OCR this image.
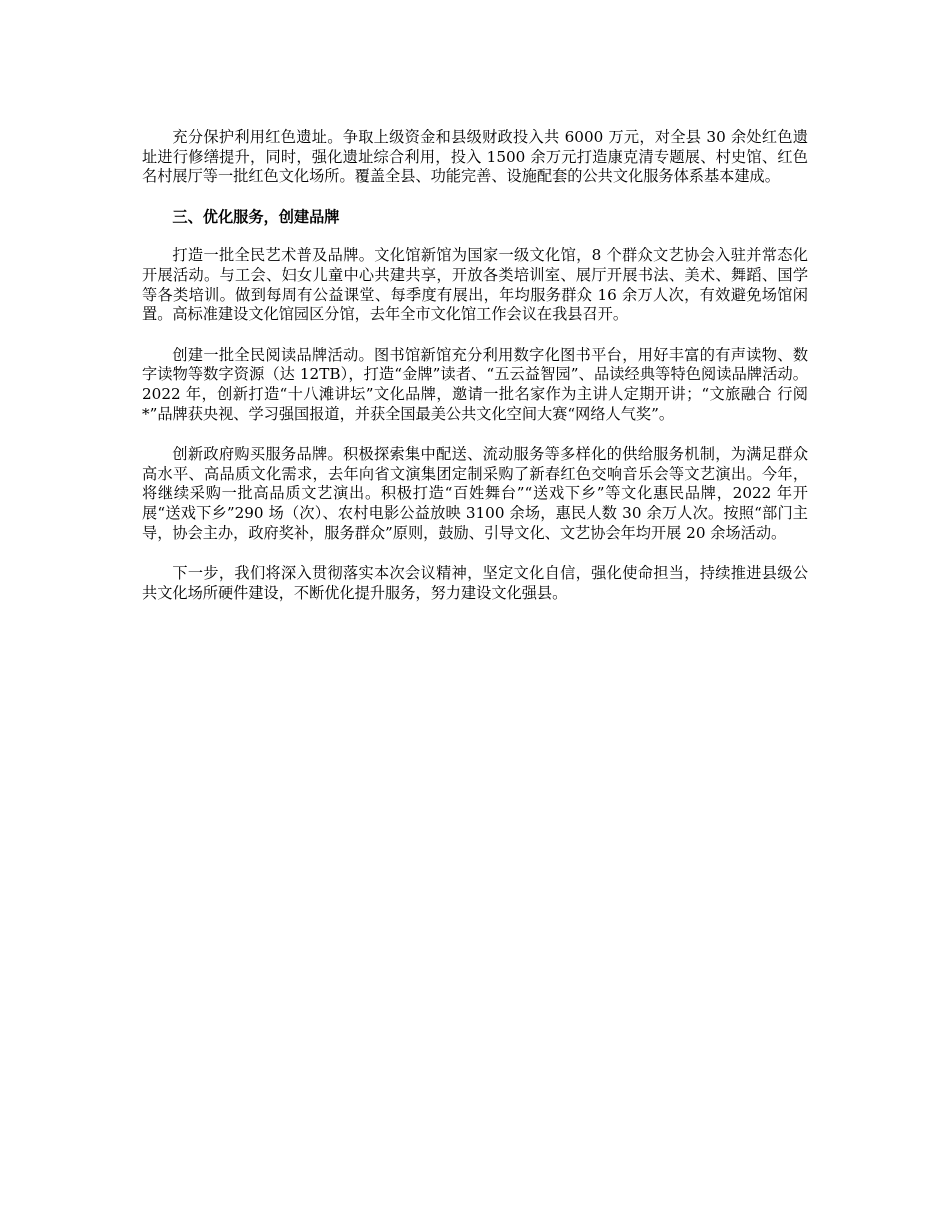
充分保护利用红色遗址。争取上级资金和县级财政投入共 6000 万元，对全县 30 余处红色遗址进行修缮提升，同时，强化遗址综合利用，投入 1500 余万元打造康克清专题展、村史馆、红色名村展厅等一批红色文化场所。覆盖全县、功能完善、设施配套的公共文化服务体系基本建成。

三、优化服务，创建品牌

打造一批全民艺术普及品牌。文化馆新馆为国家一级文化馆，8 个群众文艺协会入驻并常态化开展活动。与工会、妇女儿童中心共建共享，开放各类培训室、展厅开展书法、美术、舞蹈、国学等各类培训。做到每周有公益课堂、每季度有展出，年均服务群众 16 余万人次，有效避免场馆闲置。高标准建设文化馆园区分馆，去年全市文化馆工作会议在我县召开。

创建一批全民阅读品牌活动。图书馆新馆充分利用数字化图书平台，用好丰富的有声读物、数字读物等数字资源（达 12TB），打造“金牌”读者、“五云益智园”、品读经典等特色阅读品牌活动。2022 年，创新打造“十八滩讲坛”文化品牌，邀请一批名家作为主讲人定期开讲；“文旅融合 行阅*”品牌获央视、学习强国报道，并获全国最美公共文化空间大赛“网络人气奖”。

创新政府购买服务品牌。积极探索集中配送、流动服务等多样化的供给服务机制，为满足群众高水平、高品质文化需求，去年向省文演集团定制采购了新春红色交响音乐会等文艺演出。今年，将继续采购一批高品质文艺演出。积极打造“百姓舞台”“送戏下乡”等文化惠民品牌，2022 年开展“送戏下乡”290 场（次）、农村电影公益放映 3100 余场，惠民人数 30 余万人次。按照“部门主导，协会主办，政府奖补，服务群众”原则，鼓励、引导文化、文艺协会年均开展 20 余场活动。

下一步，我们将深入贯彻落实本次会议精神，坚定文化自信，强化使命担当，持续推进县级公共文化场所硬件建设，不断优化提升服务，努力建设文化强县。
